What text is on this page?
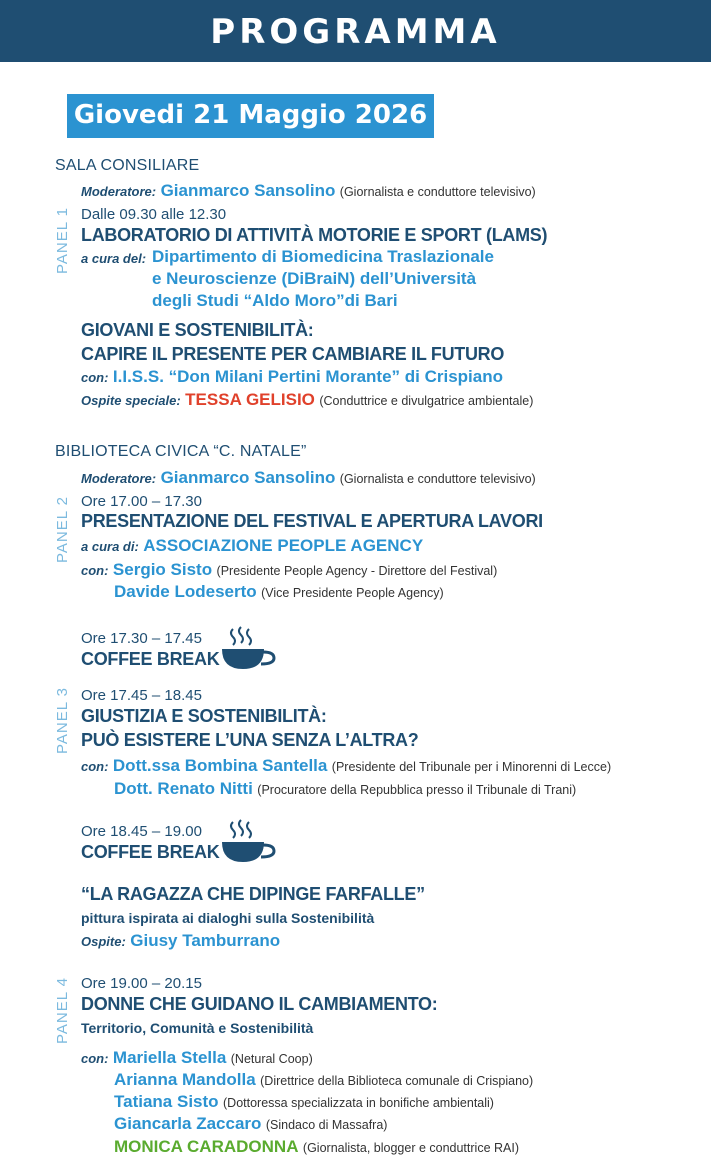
PROGRAMMA
Giovedi 21 Maggio 2026
SALA CONSILIARE
Moderatore: Gianmarco Sansolino (Giornalista e conduttore televisivo)
PANEL 1 Dalle 09.30 alle 12.30
LABORATORIO DI ATTIVITÀ MOTORIE E SPORT (LAMS)
a cura del: Dipartimento di Biomedicina Traslazionale
e Neuroscienze (DiBraiN) dell’Università
degli Studi “Aldo Moro”di Bari
GIOVANI E SOSTENIBILITÀ:
CAPIRE IL PRESENTE PER CAMBIARE IL FUTURO
con: I.I.S.S. “Don Milani Pertini Morante” di Crispiano
Ospite speciale: TESSA GELISIO (Conduttrice e divulgatrice ambientale)
BIBLIOTECA CIVICA “C. NATALE”
Moderatore: Gianmarco Sansolino (Giornalista e conduttore televisivo)
PANEL 2 Ore 17.00 – 17.30
PRESENTAZIONE DEL FESTIVAL E APERTURA LAVORI
a cura di: ASSOCIAZIONE PEOPLE AGENCY
con: Sergio Sisto (Presidente People Agency - Direttore del Festival)
Davide Lodeserto (Vice Presidente People Agency)
Ore 17.30 – 17.45
COFFEE BREAK
PANEL 3 Ore 17.45 – 18.45
GIUSTIZIA E SOSTENIBILITÀ:
PUÒ ESISTERE L’UNA SENZA L’ALTRA?
con: Dott.ssa Bombina Santella (Presidente del Tribunale per i Minorenni di Lecce)
Dott. Renato Nitti (Procuratore della Repubblica presso il Tribunale di Trani)
Ore 18.45 – 19.00
COFFEE BREAK
“LA RAGAZZA CHE DIPINGE FARFALLE”
pittura ispirata ai dialoghi sulla Sostenibilità
Ospite: Giusy Tamburrano
PANEL 4 Ore 19.00 – 20.15
DONNE CHE GUIDANO IL CAMBIAMENTO:
Territorio, Comunità e Sostenibilità
con: Mariella Stella (Netural Coop)
Arianna Mandolla (Direttrice della Biblioteca comunale di Crispiano)
Tatiana Sisto (Dottoressa specializzata in bonifiche ambientali)
Giancarla Zaccaro (Sindaco di Massafra)
MONICA CARADONNA (Giornalista, blogger e conduttrice RAI)
